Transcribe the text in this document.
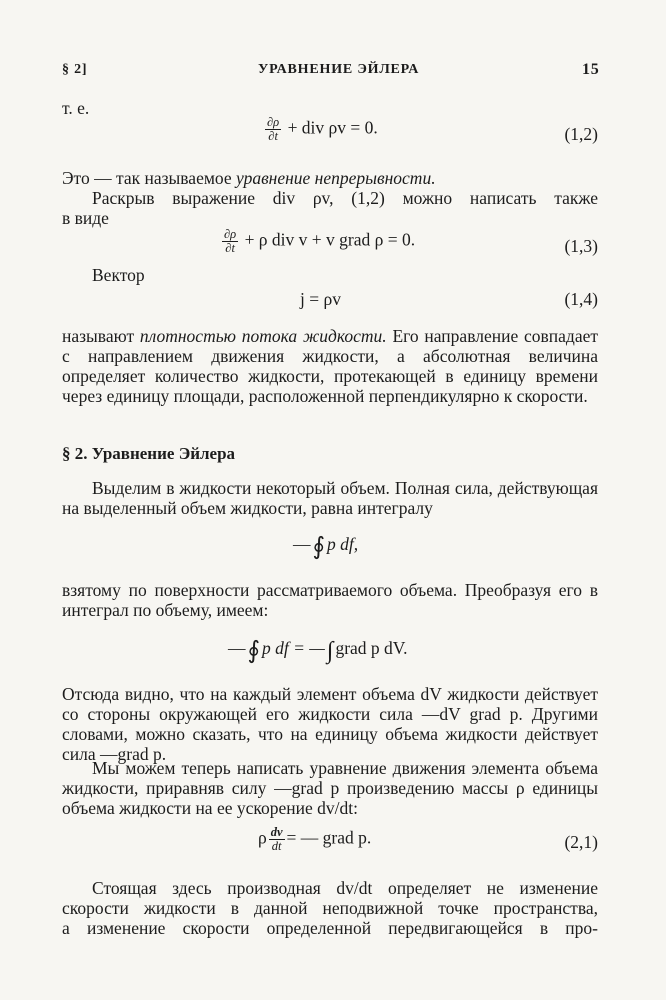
§ 2]	УРАВНЕНИЕ ЭЙЛЕРА	15
т. е.
$\frac{\partial\rho}{\partial t}$ + div ρv = 0.	(1,2)
Это — так называемое уравнение непрерывности.
Раскрыв выражение div ρv, (1,2) можно написать также
в виде
$\frac{\partial\rho}{\partial t} + \rho$ div v + v grad ρ = 0.	(1,3)
Вектор
j = ρv	(1,4)
называют плотностью потока жидкости. Его направление совпадает с направлением движения жидкости, а абсолютная величина определяет количество жидкости, протекающей в единицу времени через единицу площади, расположенной перпендикулярно к скорости.
§ 2. Уравнение Эйлера
Выделим в жидкости некоторый объем. Полная сила, действующая на выделенный объем жидкости, равна интегралу
—∮ p df,
взятому по поверхности рассматриваемого объема. Преобразуя его в интеграл по объему, имеем:
—∮ p df = —∫ grad p dV.
Отсюда видно, что на каждый элемент объема dV жидкости действует со стороны окружающей его жидкости сила —dV grad p. Другими словами, можно сказать, что на единицу объема жидкости действует сила —grad p.
Мы можем теперь написать уравнение движения элемента объема жидкости, приравняв силу —grad p произведению массы ρ единицы объема жидкости на ее ускорение dv/dt:
ρ $\frac{dv}{dt}$ = — grad p.	(2,1)
Стоящая здесь производная dv/dt определяет не изменение
скорости жидкости в данной неподвижной точке пространства,
а изменение скорости определенной передвигающейся в про-
